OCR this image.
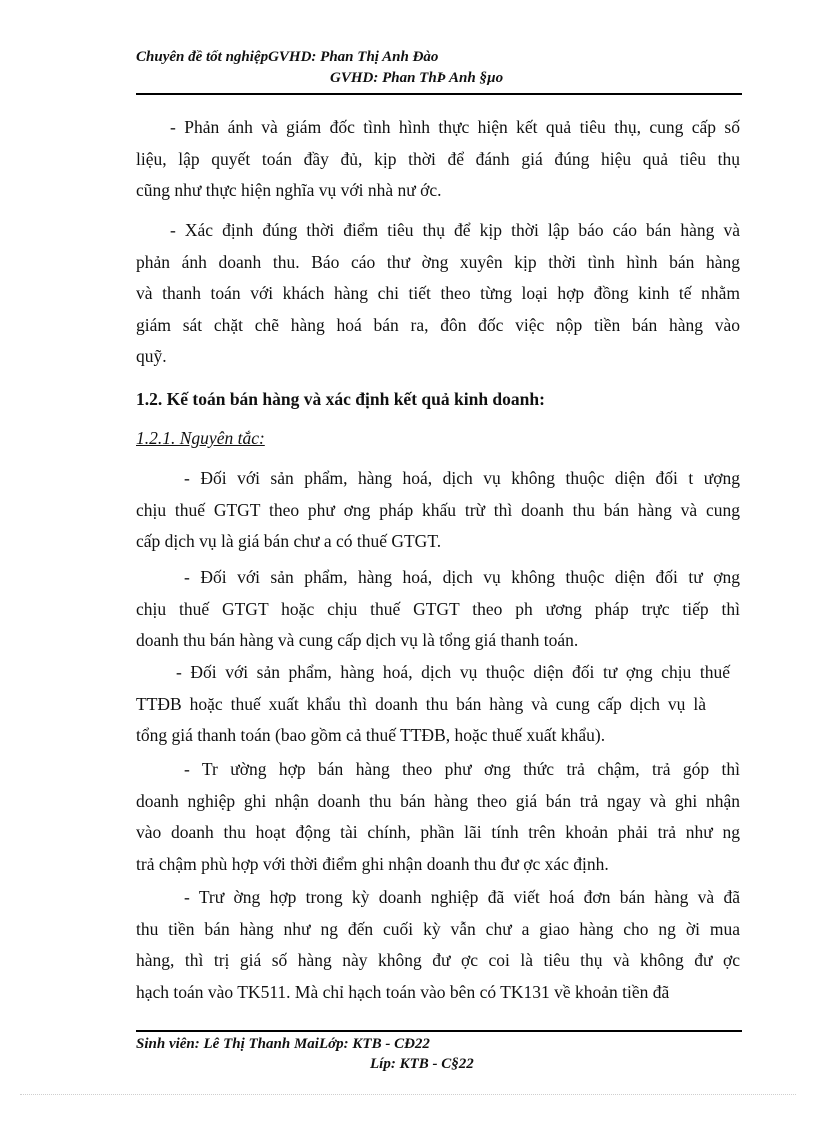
Chuyên đề tốt nghiệpGVHD: Phan Thị Anh Đào
GVHD: Phan ThÞ Anh §µo
- Phản ánh và giám đốc tình hình thực hiện kết quả tiêu thụ, cung cấp số
liệu, lập quyết toán đầy đủ, kịp thời để đánh giá đúng hiệu quả tiêu thụ
cũng như thực hiện nghĩa vụ với nhà nư ớc.
- Xác định đúng thời điểm tiêu thụ để kịp thời lập báo cáo bán hàng và
phản ánh doanh thu. Báo cáo thư ờng xuyên kịp thời tình hình bán hàng
và thanh toán với khách hàng chi tiết theo từng loại hợp đồng kinh tế nhằm
giám sát chặt chẽ hàng hoá bán ra, đôn đốc việc nộp tiền bán hàng vào
quỹ.
1.2. Kế toán bán hàng và xác định kết quả kinh doanh:
1.2.1. Nguyên tắc:
- Đối với sản phẩm, hàng hoá, dịch vụ không thuộc diện đối t ượng
chịu thuế GTGT theo phư ơng pháp khấu trừ thì doanh thu bán hàng và cung
cấp dịch vụ là giá bán chư a có thuế GTGT.
- Đối với sản phẩm, hàng hoá, dịch vụ không thuộc diện đối tư ợng
chịu thuế GTGT hoặc chịu thuế GTGT theo ph ương pháp trực tiếp thì
doanh thu bán hàng và cung cấp dịch vụ là tổng giá thanh toán.
- Đối với sản phẩm, hàng hoá, dịch vụ thuộc diện đối tư ợng chịu thuế
TTĐB hoặc thuế xuất khẩu thì doanh thu bán hàng và cung cấp dịch vụ là
tổng giá thanh toán (bao gồm cả thuế TTĐB, hoặc thuế xuất khẩu).
- Tr ường hợp bán hàng theo phư ơng thức trả chậm, trả góp thì
doanh nghiệp ghi nhận doanh thu bán hàng theo giá bán trả ngay và ghi nhận
vào doanh thu hoạt động tài chính, phần lãi tính trên khoản phải trả như ng
trả chậm phù hợp với thời điểm ghi nhận doanh thu đư ợc xác định.
- Trư ờng hợp trong kỳ doanh nghiệp đã viết hoá đơn bán hàng và đã
thu tiền bán hàng như ng đến cuối kỳ vẫn chư a giao hàng cho ng ời mua
hàng, thì trị giá số hàng này không đư ợc coi là tiêu thụ và không đư ợc
hạch toán vào TK511. Mà chỉ hạch toán vào bên có TK131 về khoản tiền đã
Sinh viên: Lê Thị Thanh MaiLớp: KTB - CĐ22
Líp: KTB - C§22
